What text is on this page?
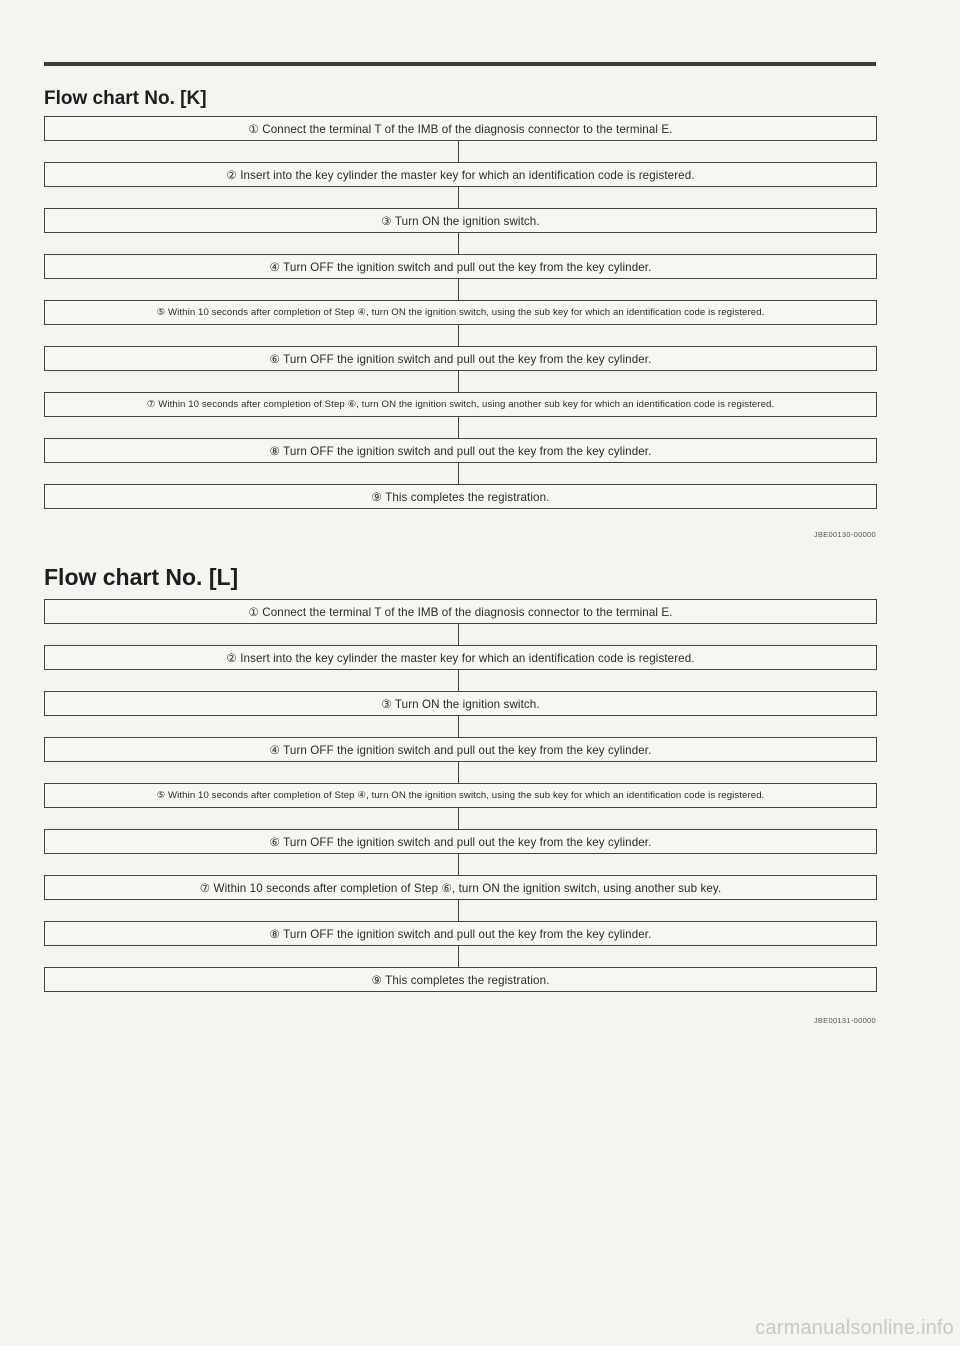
Flow chart No. [K]
① Connect the terminal T of the IMB of the diagnosis connector to the terminal E.
② Insert into the key cylinder the master key for which an identification code is registered.
③ Turn ON the ignition switch.
④ Turn OFF the ignition switch and pull out the key from the key cylinder.
⑤ Within 10 seconds after completion of Step ④, turn ON the ignition switch, using the sub key for which an identification code is registered.
⑥ Turn OFF the ignition switch and pull out the key from the key cylinder.
⑦ Within 10 seconds after completion of Step ⑥, turn ON the ignition switch, using another sub key for which an identification code is registered.
⑧ Turn OFF the ignition switch and pull out the key from the key cylinder.
⑨ This completes the registration.
JBE00130-00000
Flow chart No. [L]
① Connect the terminal T of the IMB of the diagnosis connector to the terminal E.
② Insert into the key cylinder the master key for which an identification code is registered.
③ Turn ON the ignition switch.
④ Turn OFF the ignition switch and pull out the key from the key cylinder.
⑤ Within 10 seconds after completion of Step ④, turn ON the ignition switch, using the sub key for which an identification code is registered.
⑥ Turn OFF the ignition switch and pull out the key from the key cylinder.
⑦ Within 10 seconds after completion of Step ⑥, turn ON the ignition switch, using another sub key.
⑧ Turn OFF the ignition switch and pull out the key from the key cylinder.
⑨ This completes the registration.
JBE00131-00000
carmanualsonline.info
